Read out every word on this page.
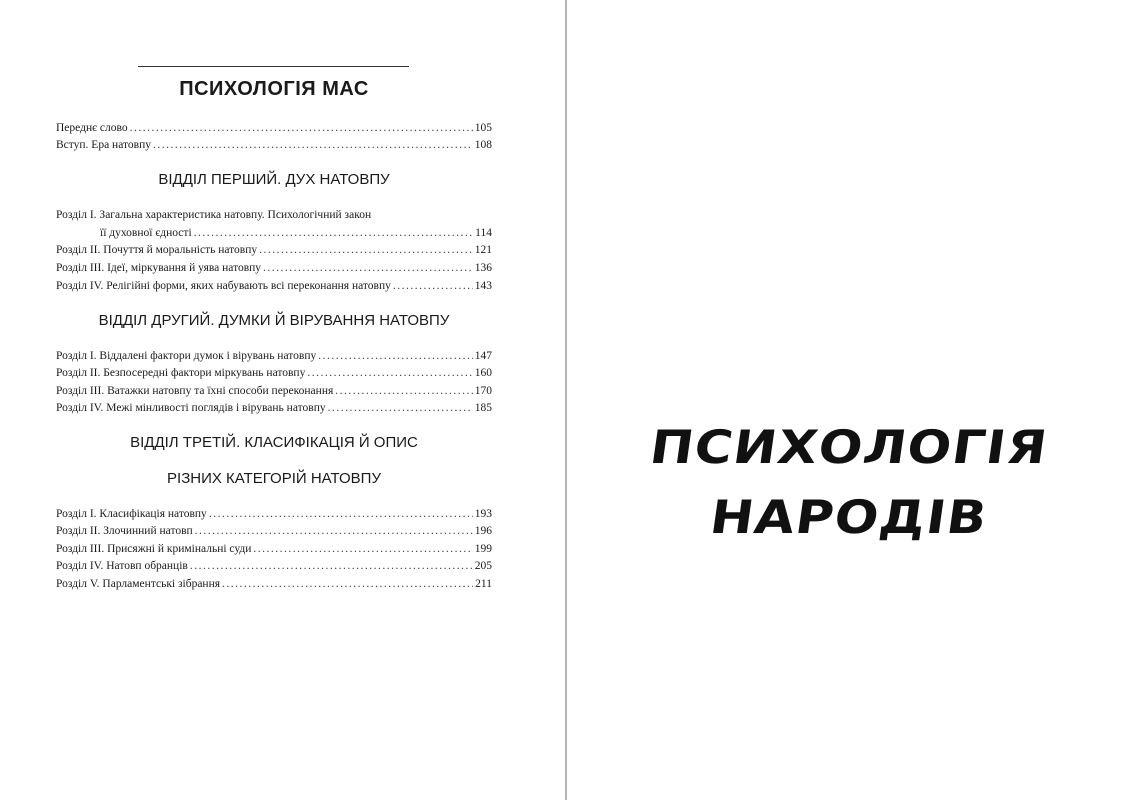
ПСИХОЛОГІЯ МАС
Переднє слово .....	105
Вступ. Ера натовпу .....	108
ВІДДІЛ ПЕРШИЙ. ДУХ НАТОВПУ
Розділ І. Загальна характеристика натовпу. Психологічний закон
її духовної єдності .....	114
Розділ ІІ. Почуття й моральність натовпу .....	121
Розділ ІІІ. Ідеї, міркування й уява натовпу .....	136
Розділ IV. Релігійні форми, яких набувають всі переконання натовпу .....	143
ВІДДІЛ ДРУГИЙ. ДУМКИ Й ВІРУВАННЯ НАТОВПУ
Розділ І. Віддалені фактори думок і вірувань натовпу .....	147
Розділ ІІ. Безпосередні фактори міркувань натовпу .....	160
Розділ ІІІ. Ватажки натовпу та їхні способи переконання .....	170
Розділ IV. Межі мінливості поглядів і вірувань натовпу .....	185
ВІДДІЛ ТРЕТІЙ. КЛАСИФІКАЦІЯ Й ОПИС
РІЗНИХ КАТЕГОРІЙ НАТОВПУ
Розділ І. Класифікація натовпу .....	193
Розділ ІІ. Злочинний натовп .....	196
Розділ ІІІ. Присяжні й кримінальні суди .....	199
Розділ IV. Натовп обранців .....	205
Розділ V. Парламентські зібрання .....	211
ПСИХОЛОГІЯ
НАРОДІВ
